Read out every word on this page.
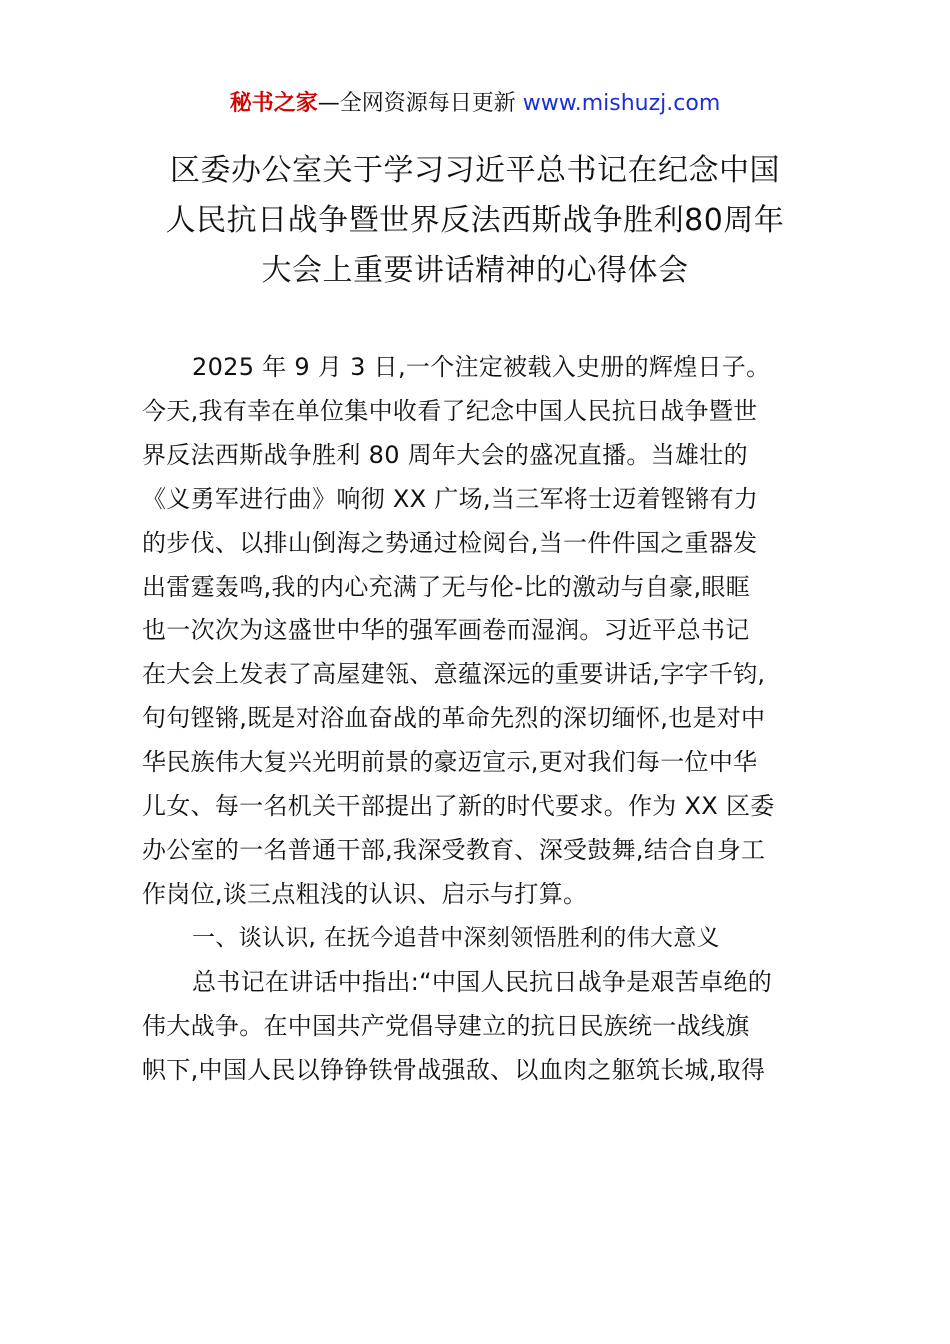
秘书之家—全网资源每日更新 www.mishuzj.com
区委办公室关于学习习近平总书记在纪念中国
人民抗日战争暨世界反法西斯战争胜利80周年
大会上重要讲话精神的心得体会
2025 年 9 月 3 日,一个注定被载入史册的辉煌日子。
今天,我有幸在单位集中收看了纪念中国人民抗日战争暨世
界反法西斯战争胜利 80 周年大会的盛况直播。当雄壮的
《义勇军进行曲》响彻 XX 广场,当三军将士迈着铿锵有力
的步伐、以排山倒海之势通过检阅台,当一件件国之重器发
出雷霆轰鸣,我的内心充满了无与伦-比的激动与自豪,眼眶
也一次次为这盛世中华的强军画卷而湿润。习近平总书记
在大会上发表了高屋建瓴、意蕴深远的重要讲话,字字千钧,
句句铿锵,既是对浴血奋战的革命先烈的深切缅怀,也是对中
华民族伟大复兴光明前景的豪迈宣示,更对我们每一位中华
儿女、每一名机关干部提出了新的时代要求。作为 XX 区委
办公室的一名普通干部,我深受教育、深受鼓舞,结合自身工
作岗位,谈三点粗浅的认识、启示与打算。
一、谈认识, 在抚今追昔中深刻领悟胜利的伟大意义
总书记在讲话中指出:“中国人民抗日战争是艰苦卓绝的
伟大战争。在中国共产党倡导建立的抗日民族统一战线旗
帜下,中国人民以铮铮铁骨战强敌、以血肉之躯筑长城,取得
